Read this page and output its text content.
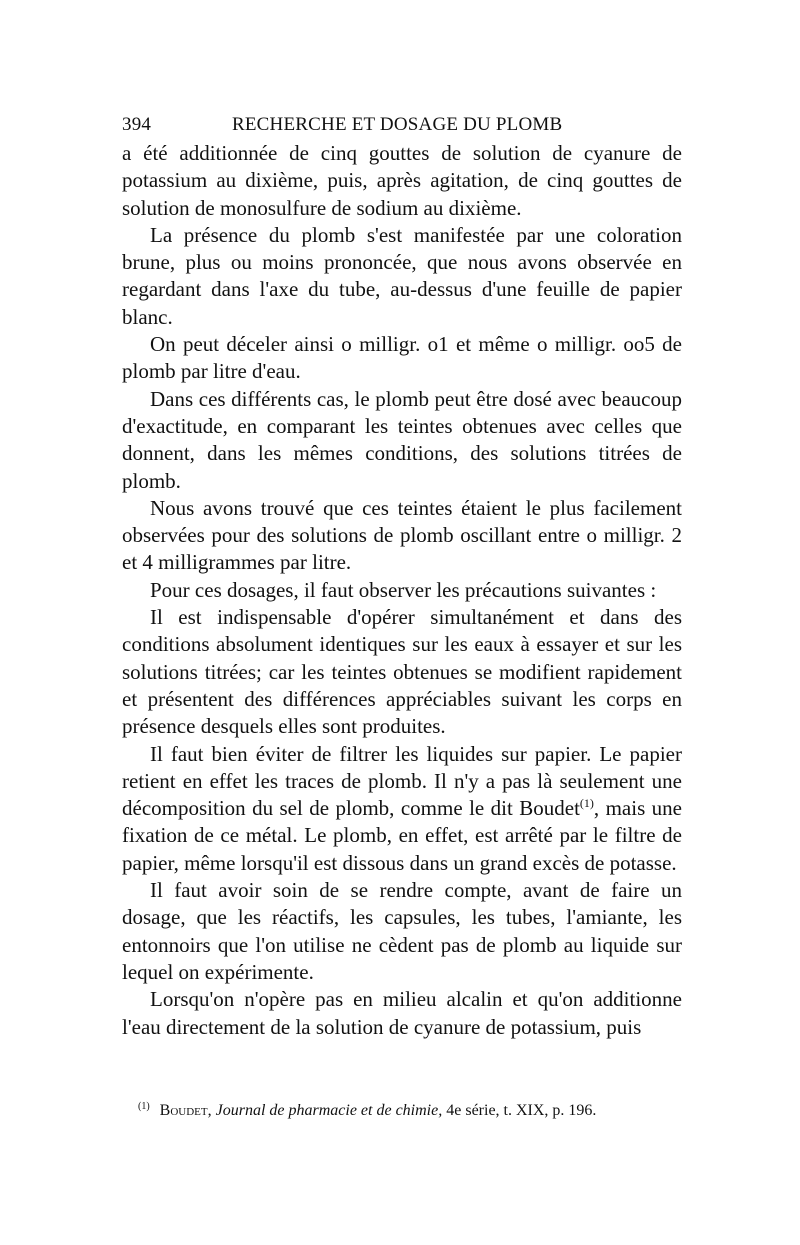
394	RECHERCHE ET DOSAGE DU PLOMB

a été additionnée de cinq gouttes de solution de cyanure de potassium au dixième, puis, après agitation, de cinq gouttes de solution de monosulfure de sodium au dixième.

La présence du plomb s'est manifestée par une coloration brune, plus ou moins prononcée, que nous avons observée en regardant dans l'axe du tube, au-dessus d'une feuille de papier blanc.

On peut déceler ainsi o milligr. o1 et même o milligr. oo5 de plomb par litre d'eau.

Dans ces différents cas, le plomb peut être dosé avec beaucoup d'exactitude, en comparant les teintes obtenues avec celles que donnent, dans les mêmes conditions, des solutions titrées de plomb.

Nous avons trouvé que ces teintes étaient le plus facilement observées pour des solutions de plomb oscillant entre o milligr. 2 et 4 milligrammes par litre.

Pour ces dosages, il faut observer les précautions suivantes :

Il est indispensable d'opérer simultanément et dans des conditions absolument identiques sur les eaux à essayer et sur les solutions titrées; car les teintes obtenues se modifient rapidement et présentent des différences appréciables suivant les corps en présence desquels elles sont produites.

Il faut bien éviter de filtrer les liquides sur papier. Le papier retient en effet les traces de plomb. Il n'y a pas là seulement une décomposition du sel de plomb, comme le dit Boudet$^{(1)}$, mais une fixation de ce métal. Le plomb, en effet, est arrêté par le filtre de papier, même lorsqu'il est dissous dans un grand excès de potasse.

Il faut avoir soin de se rendre compte, avant de faire un dosage, que les réactifs, les capsules, les tubes, l'amiante, les entonnoirs que l'on utilise ne cèdent pas de plomb au liquide sur lequel on expérimente.

Lorsqu'on n'opère pas en milieu alcalin et qu'on additionne l'eau directement de la solution de cyanure de potassium, puis

$^{(1)}$ Boudet, Journal de pharmacie et de chimie, 4e série, t. XIX, p. 196.
